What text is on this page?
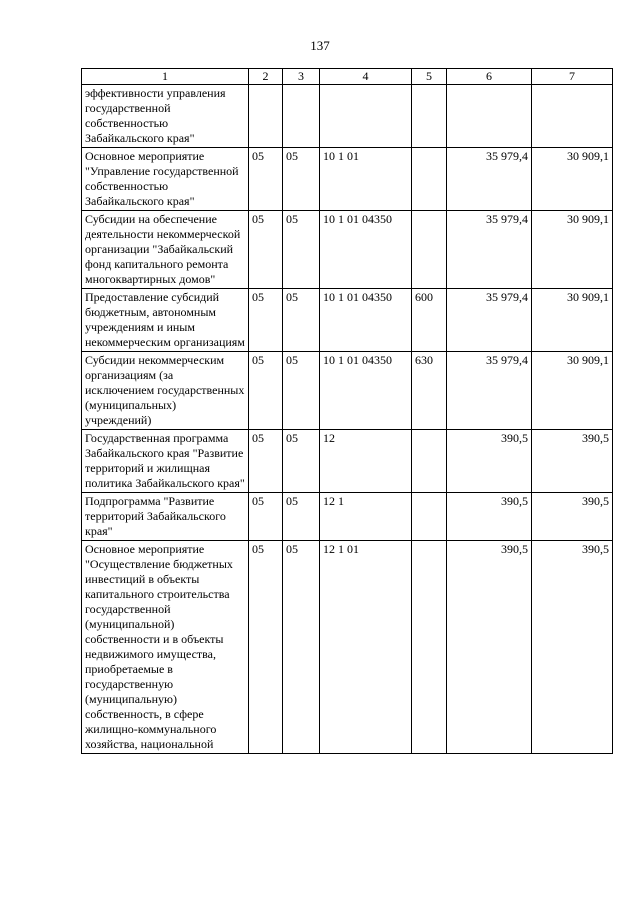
137
1	2	3	4	5	6	7
эффективности управления государственной собственностью Забайкальского края"						
Основное мероприятие "Управление государственной собственностью Забайкальского края"	05	05	10 1 01		35 979,4	30 909,1
Субсидии на обеспечение деятельности некоммерческой организации "Забайкальский фонд капитального ремонта многоквартирных домов"	05	05	10 1 01 04350		35 979,4	30 909,1
Предоставление субсидий бюджетным, автономным учреждениям и иным некоммерческим организациям	05	05	10 1 01 04350	600	35 979,4	30 909,1
Субсидии некоммерческим организациям (за исключением государственных (муниципальных) учреждений)	05	05	10 1 01 04350	630	35 979,4	30 909,1
Государственная программа Забайкальского края "Развитие территорий и жилищная политика Забайкальского края"	05	05	12		390,5	390,5
Подпрограмма "Развитие территорий Забайкальского края"	05	05	12 1		390,5	390,5
Основное мероприятие "Осуществление бюджетных инвестиций в объекты капитального строительства государственной (муниципальной) собственности и в объекты недвижимого имущества, приобретаемые в государственную (муниципальную) собственность, в сфере жилищно-коммунального хозяйства, национальной	05	05	12 1 01		390,5	390,5
